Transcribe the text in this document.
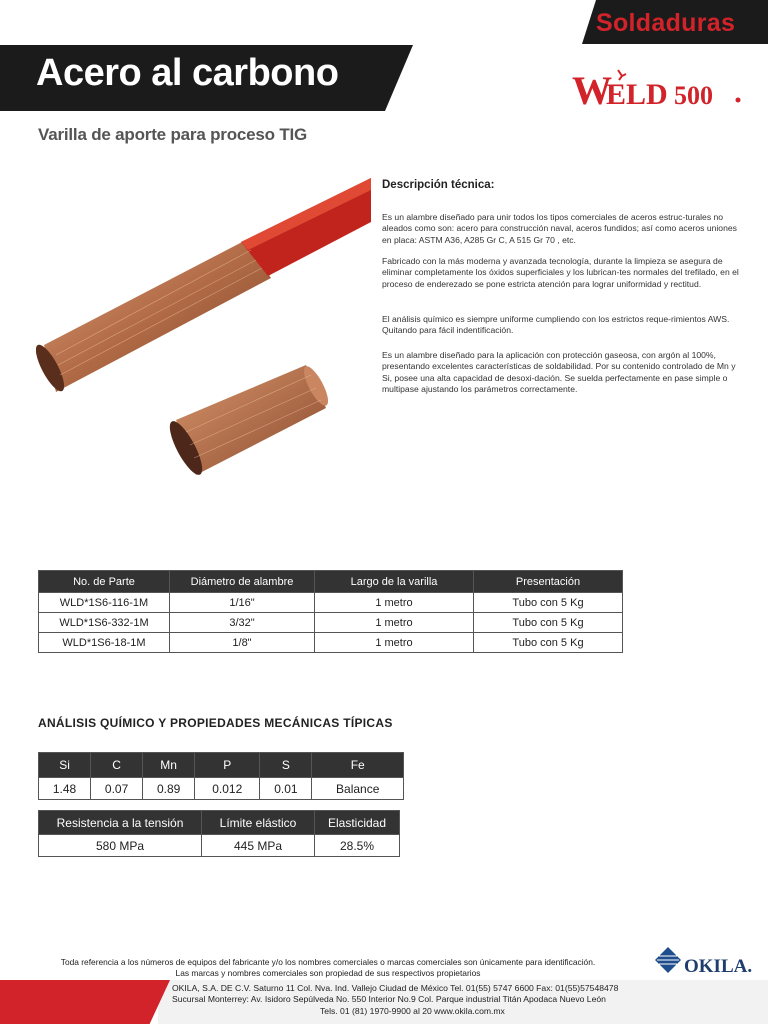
Soldaduras
Acero al carbono	W
ELD 500
Varilla de aporte para proceso TIG
Descripción técnica:
Es un alambre diseñado para unir todos los tipos comerciales de aceros estruc-turales no aleados como son: acero para construcción naval, aceros fundidos; así como aceros uniones en placa: ASTM A36, A285 Gr C, A 515 Gr 70 , etc.
Fabricado con la más moderna y avanzada tecnología, durante la limpieza se asegura de eliminar completamente los óxidos superficiales y los lubrican-tes normales del trefilado, en el proceso de enderezado se pone estricta atención para lograr uniformidad y rectitud.
El análisis químico es siempre uniforme cumpliendo con los estrictos reque-rimientos AWS. Quitando para fácil indentificación.
Es un alambre diseñado para la aplicación con protección gaseosa, con argón al 100%, presentando excelentes características de soldabilidad. Por su contenido controlado de Mn y Si, posee una alta capacidad de desoxi-dación. Se suelda perfectamente en pase simple o multipase ajustando los parámetros correctamente.
No. de Parte	Diámetro de alambre	Largo de la varilla	Presentación
WLD*1S6-116-1M	1/16"	1 metro	Tubo con 5 Kg
WLD*1S6-332-1M	3/32"	1 metro	Tubo con 5 Kg
WLD*1S6-18-1M	1/8"	1 metro	Tubo con 5 Kg
ANÁLISIS QUÍMICO Y PROPIEDADES MECÁNICAS TÍPICAS
Si	C	Mn	P	S	Fe
1.48	0.07	0.89	0.012	0.01	Balance
Resistencia a la tensión	Límite elástico	Elasticidad
580 MPa	445 MPa	28.5%
Toda referencia a los números de equipos del fabricante y/o los nombres comerciales o marcas comerciales son únicamente para identificación.
Las marcas y nombres comerciales son propiedad de sus respectivos propietarios	OKILA.
OKILA, S.A. DE C.V. Saturno 11 Col. Nva. Ind. Vallejo Ciudad de México Tel. 01(55) 5747 6600 Fax: 01(55)57548478
Sucursal Monterrey: Av. Isidoro Sepúlveda No. 550 Interior No.9 Col. Parque industrial Titán Apodaca Nuevo León
Tels. 01 (81) 1970-9900 al 20 www.okila.com.mx
